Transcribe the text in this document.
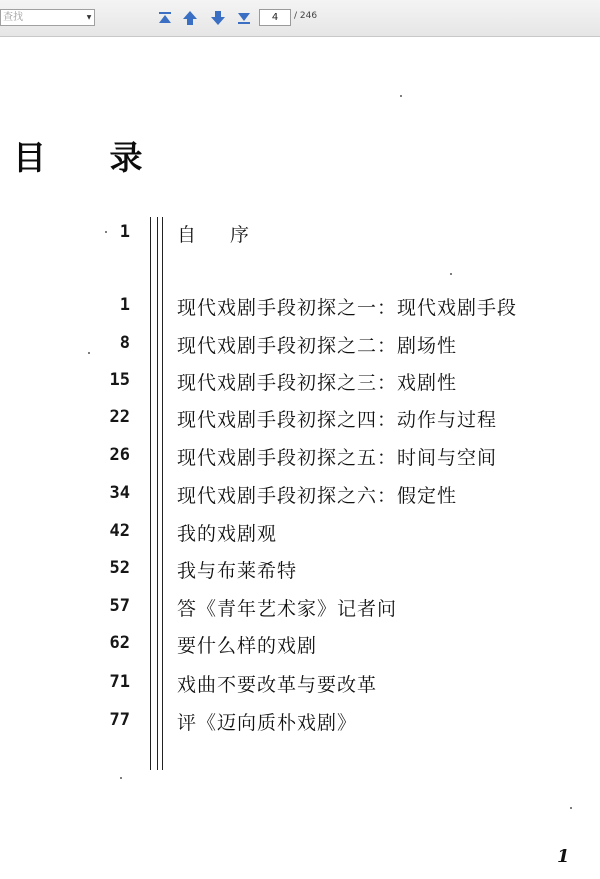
查找
▼
4	/ 246
目 录
1 自 序
1 现代戏剧手段初探之一：现代戏剧手段
8 现代戏剧手段初探之二：剧场性
15 现代戏剧手段初探之三：戏剧性
22 现代戏剧手段初探之四：动作与过程
26 现代戏剧手段初探之五：时间与空间
34 现代戏剧手段初探之六：假定性
42 我的戏剧观
52 我与布莱希特
57 答《青年艺术家》记者问
62 要什么样的戏剧
71 戏曲不要改革与要改革
77 评《迈向质朴戏剧》
1
